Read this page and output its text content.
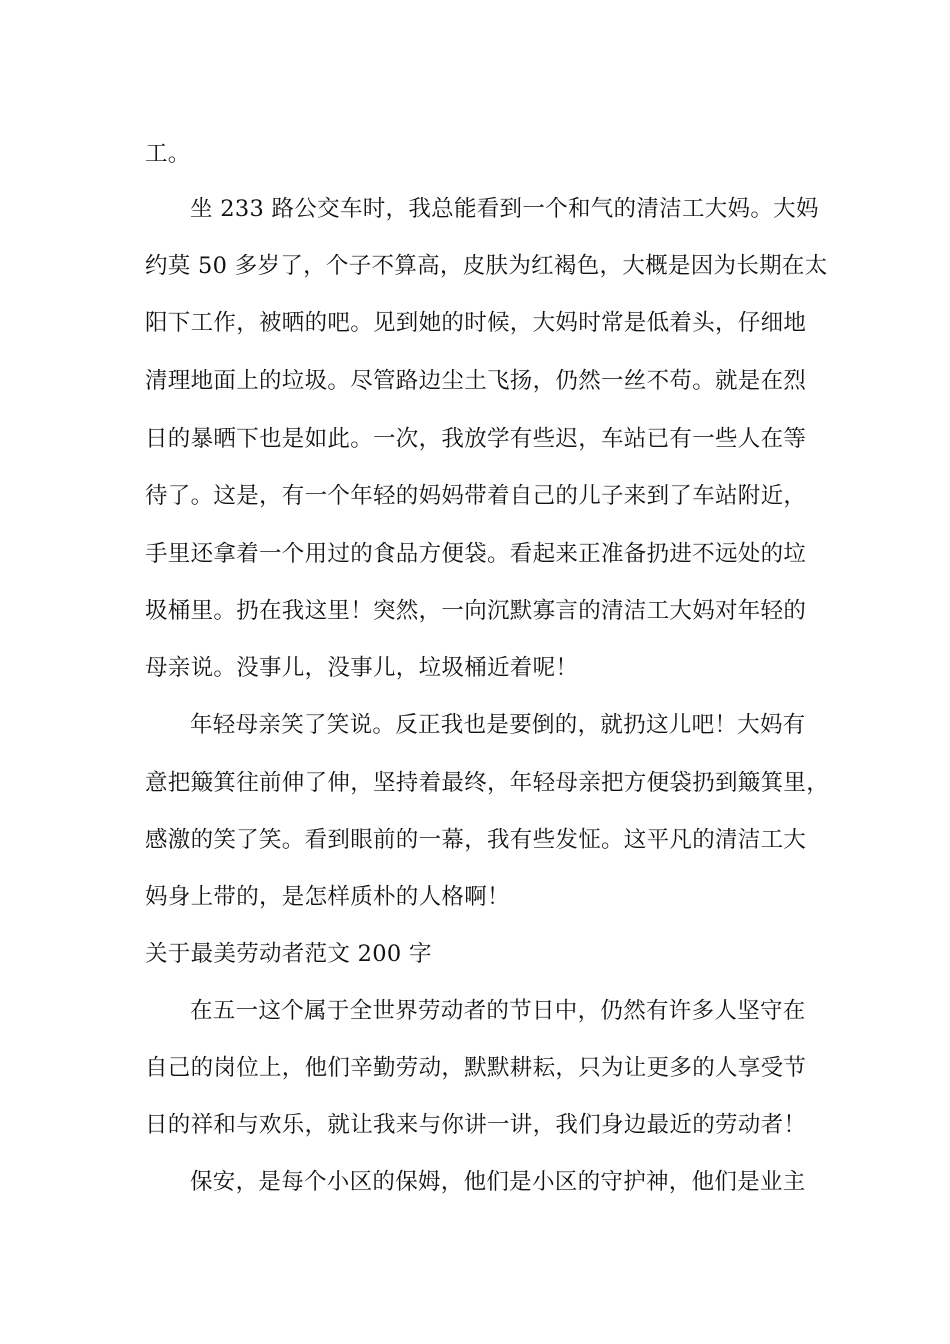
工。
坐 233 路公交车时，我总能看到一个和气的清洁工大妈。大妈
约莫 50 多岁了，个子不算高，皮肤为红褐色，大概是因为长期在太
阳下工作，被晒的吧。见到她的时候，大妈时常是低着头，仔细地
清理地面上的垃圾。尽管路边尘土飞扬，仍然一丝不苟。就是在烈
日的暴晒下也是如此。一次，我放学有些迟，车站已有一些人在等
待了。这是，有一个年轻的妈妈带着自己的儿子来到了车站附近，
手里还拿着一个用过的食品方便袋。看起来正准备扔进不远处的垃
圾桶里。扔在我这里！突然，一向沉默寡言的清洁工大妈对年轻的
母亲说。没事儿，没事儿，垃圾桶近着呢！
年轻母亲笑了笑说。反正我也是要倒的，就扔这儿吧！大妈有
意把簸箕往前伸了伸，坚持着最终，年轻母亲把方便袋扔到簸箕里，
感激的笑了笑。看到眼前的一幕，我有些发怔。这平凡的清洁工大
妈身上带的，是怎样质朴的人格啊！
关于最美劳动者范文 200 字
在五一这个属于全世界劳动者的节日中，仍然有许多人坚守在
自己的岗位上，他们辛勤劳动，默默耕耘，只为让更多的人享受节
日的祥和与欢乐，就让我来与你讲一讲，我们身边最近的劳动者！
保安，是每个小区的保姆，他们是小区的守护神，他们是业主
